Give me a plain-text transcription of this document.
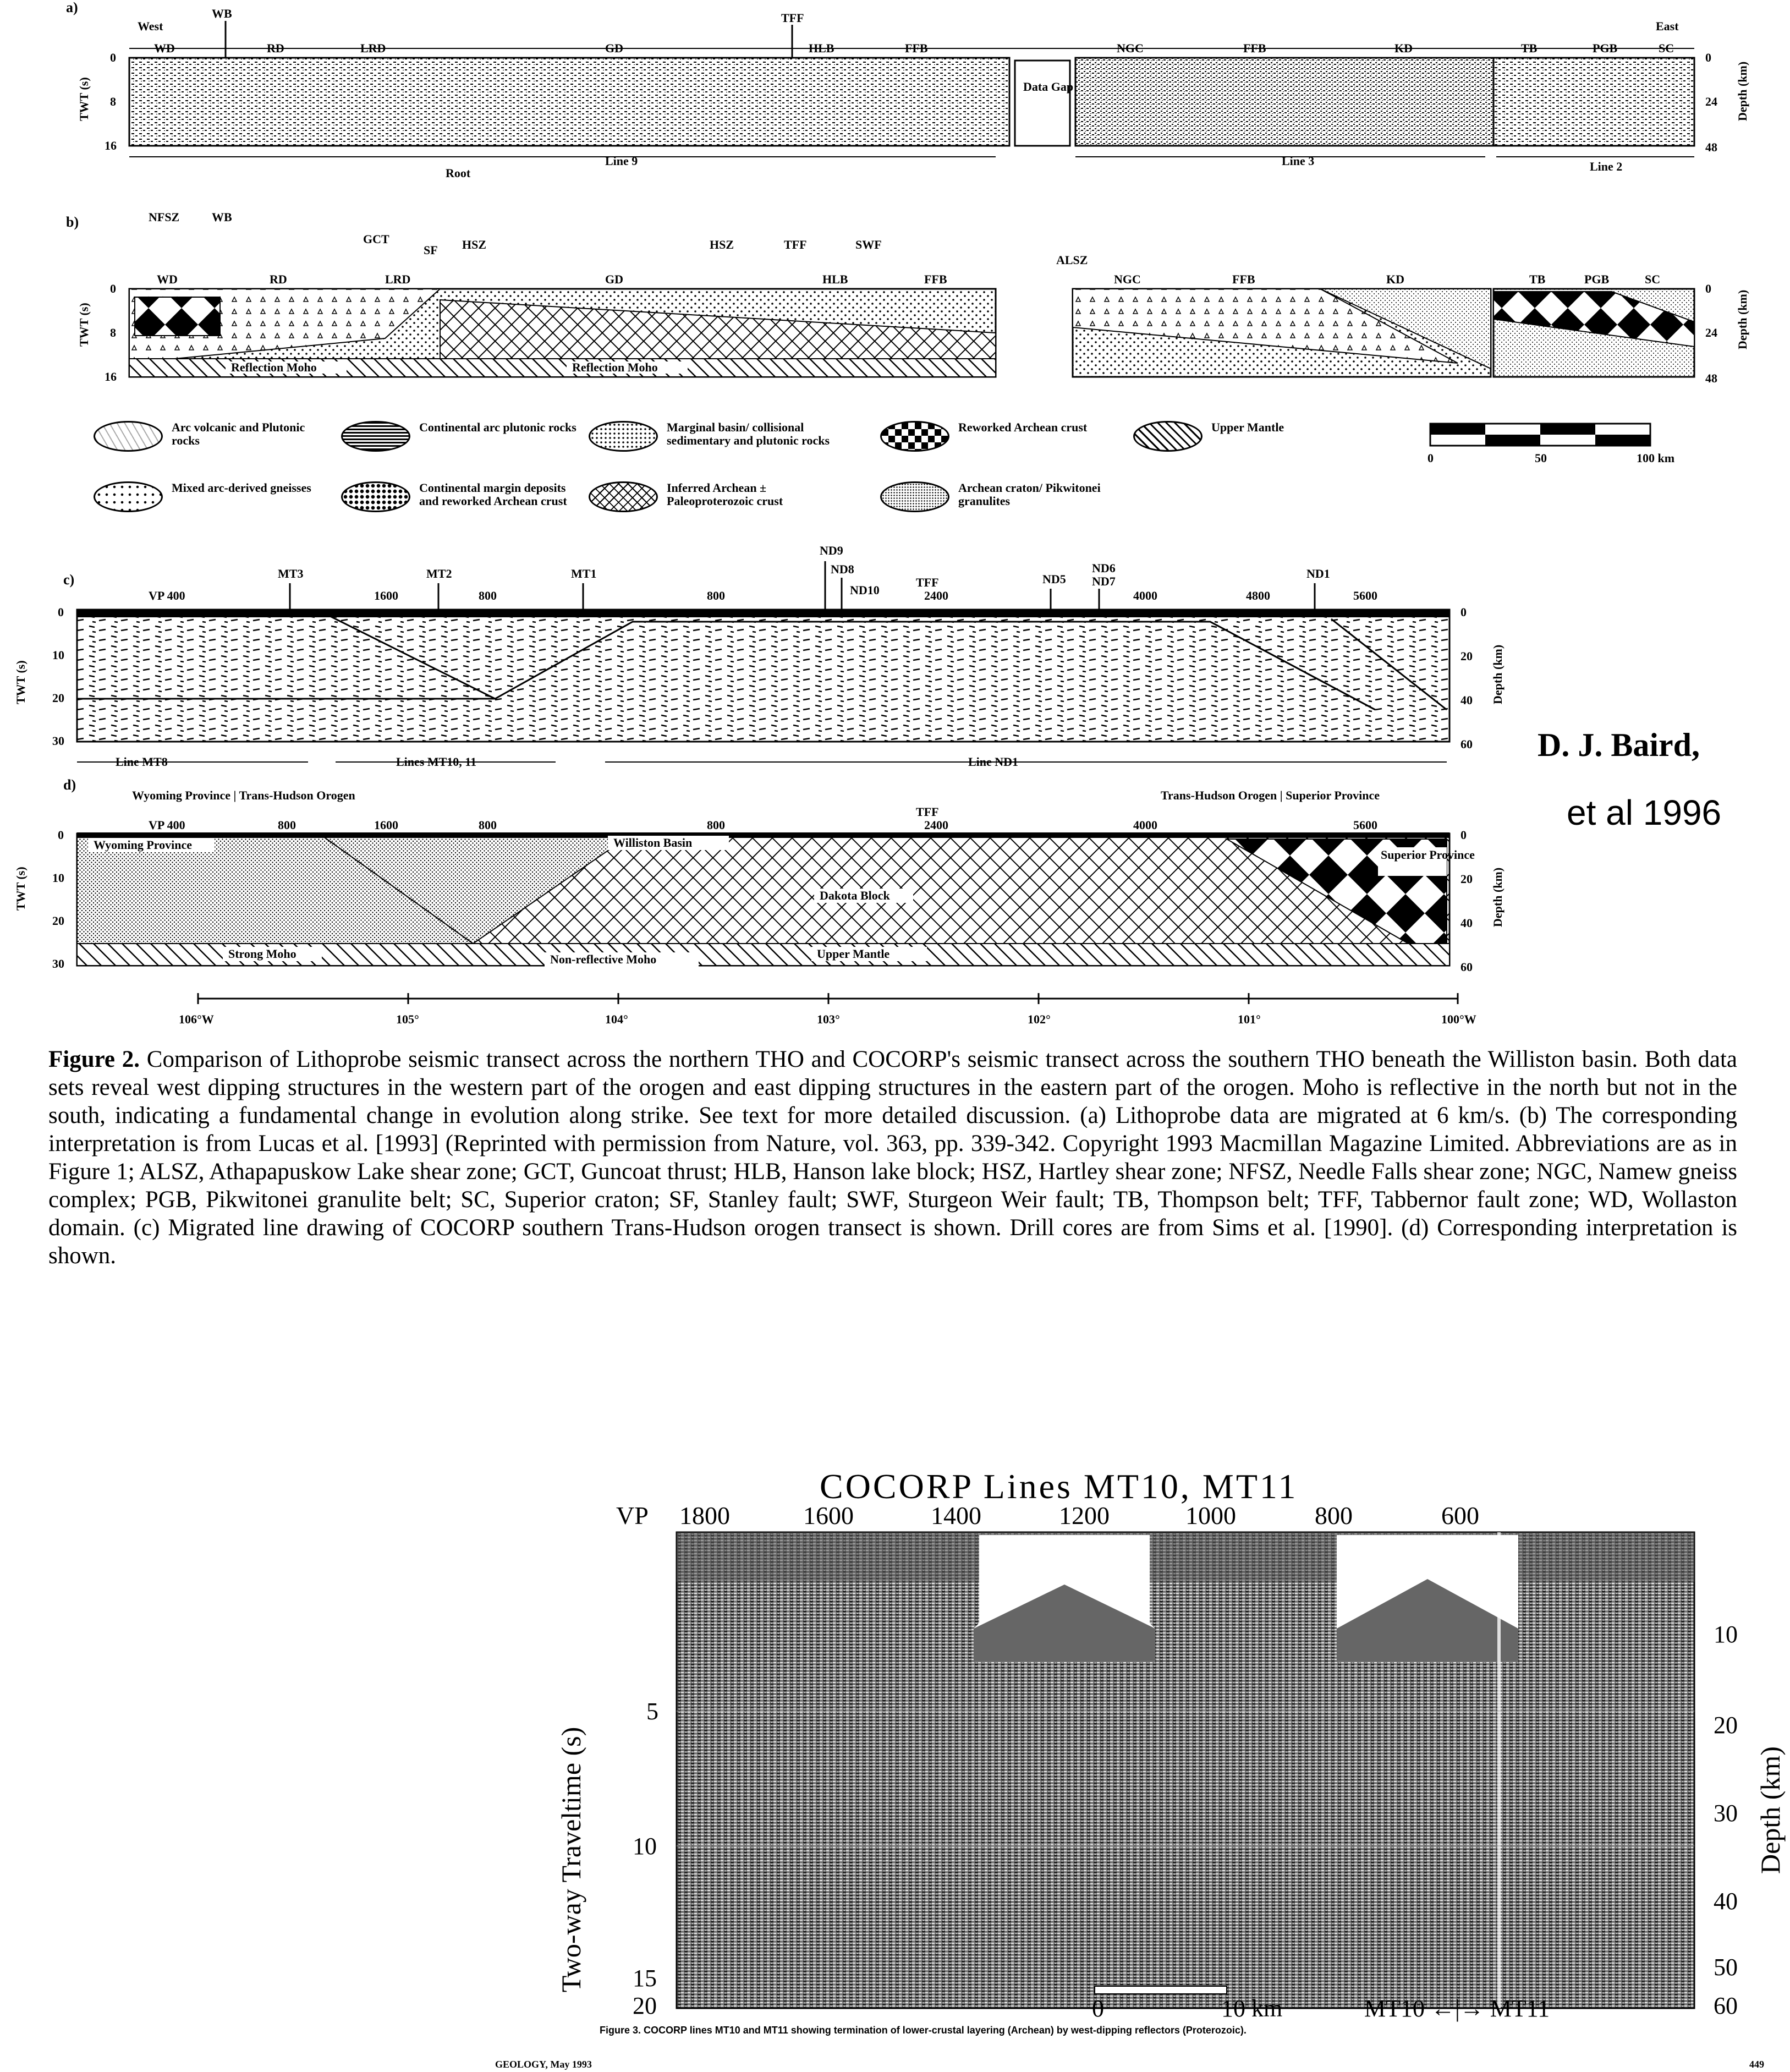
a)
West	East
WB	TFF
WD	RD	LRD	GD	HLB	FFB	NGC	FFB	KD	TB	PGB	SC
TWT (s)
0
8
16
Data Gap
0
24
48
Depth (km)
Line 9	Line 3	Line 2
Root
b)	NFSZ	WB
GCT
SF HSZ	HSZ	TFF	SWF
ALSZ
WD	RD	LRD	GD	HLB	FFB	NGC	FFB	KD	TB	PGB	SC
TWT (s)
0
8
16
Reflection Moho	Reflection Moho
0
24
48
Depth (km)
Arc volcanic and Plutonic rocks
Continental arc plutonic rocks	Marginal basin/ collisional sedimentary and plutonic rocks
Reworked Archean crust	Upper Mantle
Mixed arc-derived gneisses	Continental margin deposits and reworked Archean crust
Inferred Archean ± Paleoproterozoic crust
Archean craton/ Pikwitonei granulites
0	50	100 km
c)	MT3	MT2	MT1
ND9
ND8
ND10
ND5
ND6
ND7
ND1
VP 400	1600	800	800	2400	4000	4800	5600
TFF
TWT (s)
0
10
20
30
0
20
40
60
Depth (km)
Line MT8	Lines MT10, 11	Line ND1	D. J. Baird,
et al 1996
d)
Wyoming Province | Trans-Hudson Orogen	Trans-Hudson Orogen | Superior Province
VP 400	800	1600	800	800	2400	4000	5600
TFF
TWT (s)
0
10
20
30
Wyoming Province	Williston Basin
Dakota Block
Superior Province
Strong Moho	Non-reflective Moho	Upper Mantle
0
20
40
60
Depth (km)
106°W	105°	104°	103°	102°	101°	100°W
Figure 2. Comparison of Lithoprobe seismic transect across the northern THO and COCORP's seismic transect across the southern THO beneath the Williston basin. Both data sets reveal west dipping structures in the western part of the orogen and east dipping structures in the eastern part of the orogen. Moho is reflective in the north but not in the south, indicating a fundamental change in evolution along strike. See text for more detailed discussion. (a) Lithoprobe data are migrated at 6 km/s. (b) The corresponding interpretation is from Lucas et al. [1993] (Reprinted with permission from Nature, vol. 363, pp. 339-342. Copyright 1993 Macmillan Magazine Limited. Abbreviations are as in Figure 1; ALSZ, Athapapuskow Lake shear zone; GCT, Guncoat thrust; HLB, Hanson lake block; HSZ, Hartley shear zone; NFSZ, Needle Falls shear zone; NGC, Namew gneiss complex; PGB, Pikwitonei granulite belt; SC, Superior craton; SF, Stanley fault; SWF, Sturgeon Weir fault; TB, Thompson belt; TFF, Tabbernor fault zone; WD, Wollaston domain. (c) Migrated line drawing of COCORP southern Trans-Hudson orogen transect is shown. Drill cores are from Sims et al. [1990]. (d) Corresponding interpretation is shown.
COCORP Lines MT10, MT11
VP 1800	1600	1400	1200	1000	800	600
5
10
15
20
Two-way Traveltime (s)
10
20
30
40
50
60
Depth (km)
0	10 km	MT10 ←|→ MT11
Figure 3. COCORP lines MT10 and MT11 showing termination of lower-crustal layering (Archean) by west-dipping reflectors (Proterozoic).
GEOLOGY, May 1993	449
